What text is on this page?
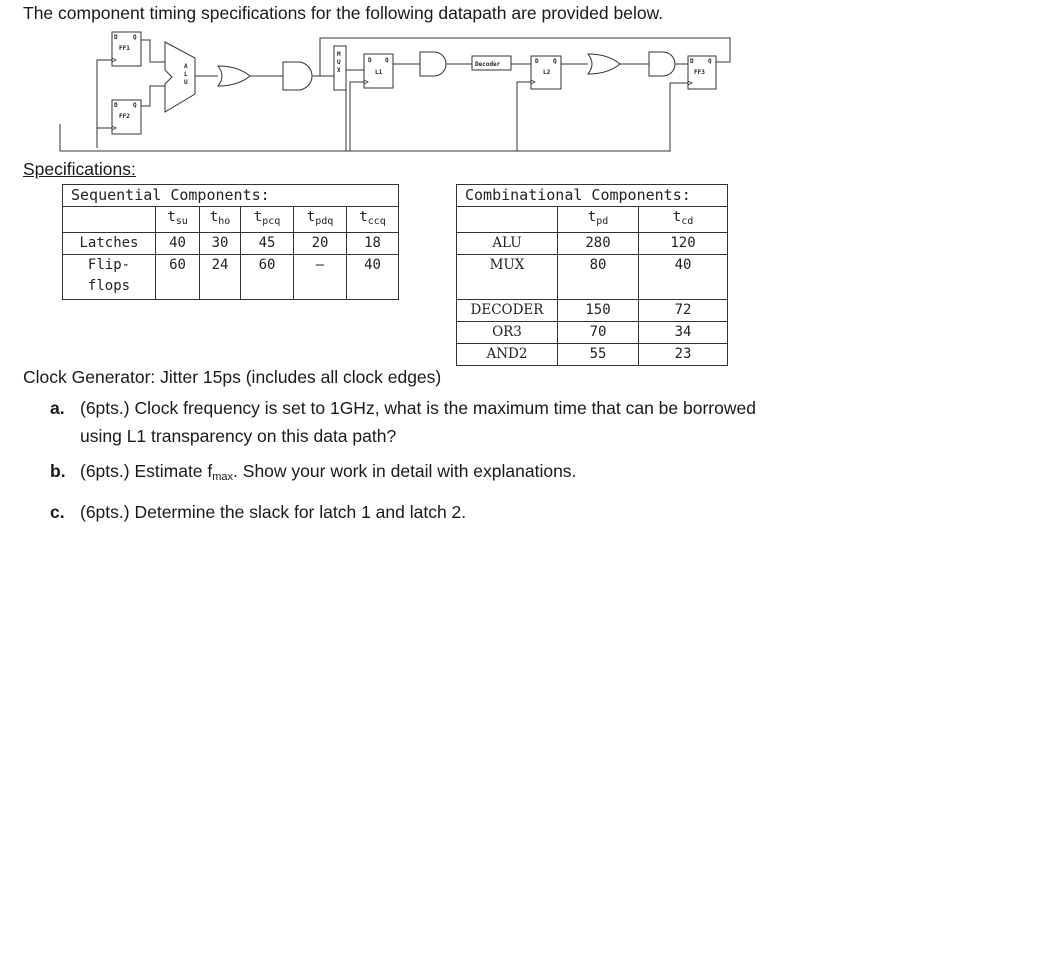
The component timing specifications for the following datapath are provided below.
D	Q
FF1
D	Q
FF2
A
L
U
M
U
X
D Q
L1
Decoder	D Q
L2
D Q
FF3
Specifications:
Sequential Components:					
	$t_{su}$	$t_{ho}$	$t_{pcq}$	$t_{pdq}$	$t_{ccq}$
Latches	40	30	45	20	18

Flip-
flops	60	24	60	–	40
Combinational Components:		
	$t_{pd}$	$t_{cd}$
ALU	280	120
MUX	80	40
DECODER	150	72
OR3	70	34
AND2	55	23
Clock Generator: Jitter 15ps (includes all clock edges)
a. (6pts.) Clock frequency is set to 1GHz, what is the maximum time that can be borrowed using L1 transparency on this data path?
b. (6pts.) Estimate fmax. Show your work in detail with explanations.
c. (6pts.) Determine the slack for latch 1 and latch 2.
